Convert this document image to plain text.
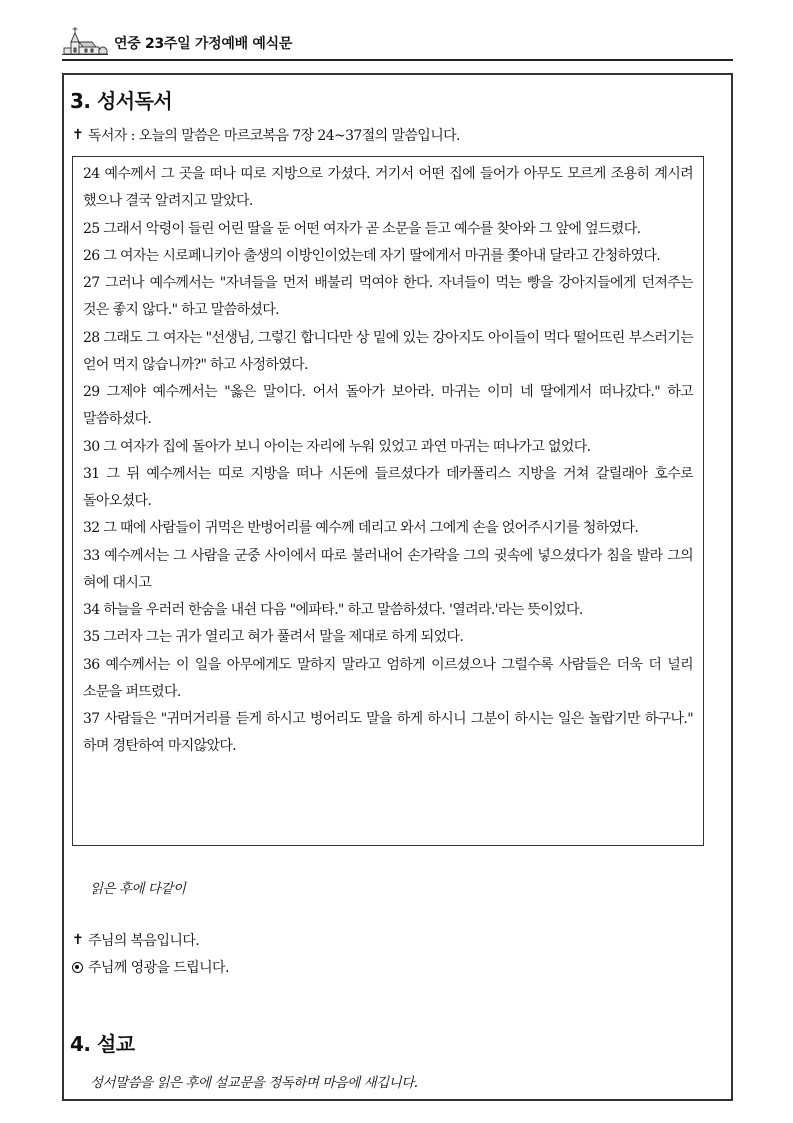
연중 23주일 가정예배 예식문
3. 성서독서
✝ 독서자 : 오늘의 말씀은 마르코복음 7장 24~37절의 말씀입니다.

24 예수께서 그 곳을 떠나 띠로 지방으로 가셨다. 거기서 어떤 집에 들어가 아무도 모르게 조용히 계시려 했으나 결국 알려지고 말았다.

25 그래서 악령이 들린 어린 딸을 둔 어떤 여자가 곧 소문을 듣고 예수를 찾아와 그 앞에 엎드렸다.

26 그 여자는 시로페니키아 출생의 이방인이었는데 자기 딸에게서 마귀를 쫓아내 달라고 간청하였다.

27 그러나 예수께서는 "자녀들을 먼저 배불리 먹여야 한다. 자녀들이 먹는 빵을 강아지들에게 던져주는 것은 좋지 않다." 하고 말씀하셨다.

28 그래도 그 여자는 "선생님, 그렇긴 합니다만 상 밑에 있는 강아지도 아이들이 먹다 떨어뜨린 부스러기는 얻어 먹지 않습니까?" 하고 사정하였다.

29 그제야 예수께서는 "옳은 말이다. 어서 돌아가 보아라. 마귀는 이미 네 딸에게서 떠나갔다." 하고 말씀하셨다.

30 그 여자가 집에 돌아가 보니 아이는 자리에 누워 있었고 과연 마귀는 떠나가고 없었다.

31 그 뒤 예수께서는 띠로 지방을 떠나 시돈에 들르셨다가 데카폴리스 지방을 거쳐 갈릴래아 호수로 돌아오셨다.

32 그 때에 사람들이 귀먹은 반벙어리를 예수께 데리고 와서 그에게 손을 얹어주시기를 청하였다.

33 예수께서는 그 사람을 군중 사이에서 따로 불러내어 손가락을 그의 귓속에 넣으셨다가 침을 발라 그의 혀에 대시고

34 하늘을 우러러 한숨을 내쉰 다음 "에파타." 하고 말씀하셨다. '열려라.'라는 뜻이었다.

35 그러자 그는 귀가 열리고 혀가 풀려서 말을 제대로 하게 되었다.

36 예수께서는 이 일을 아무에게도 말하지 말라고 엄하게 이르셨으나 그럴수록 사람들은 더욱 더 널리 소문을 퍼뜨렸다.

37 사람들은 "귀머거리를 듣게 하시고 벙어리도 말을 하게 하시니 그분이 하시는 일은 놀랍기만 하구나." 하며 경탄하여 마지않았다.

읽은 후에 다같이
✝ 주님의 복음입니다.
주님께 영광을 드립니다.
4. 설교
성서말씀을 읽은 후에 설교문을 정독하며 마음에 새깁니다.
